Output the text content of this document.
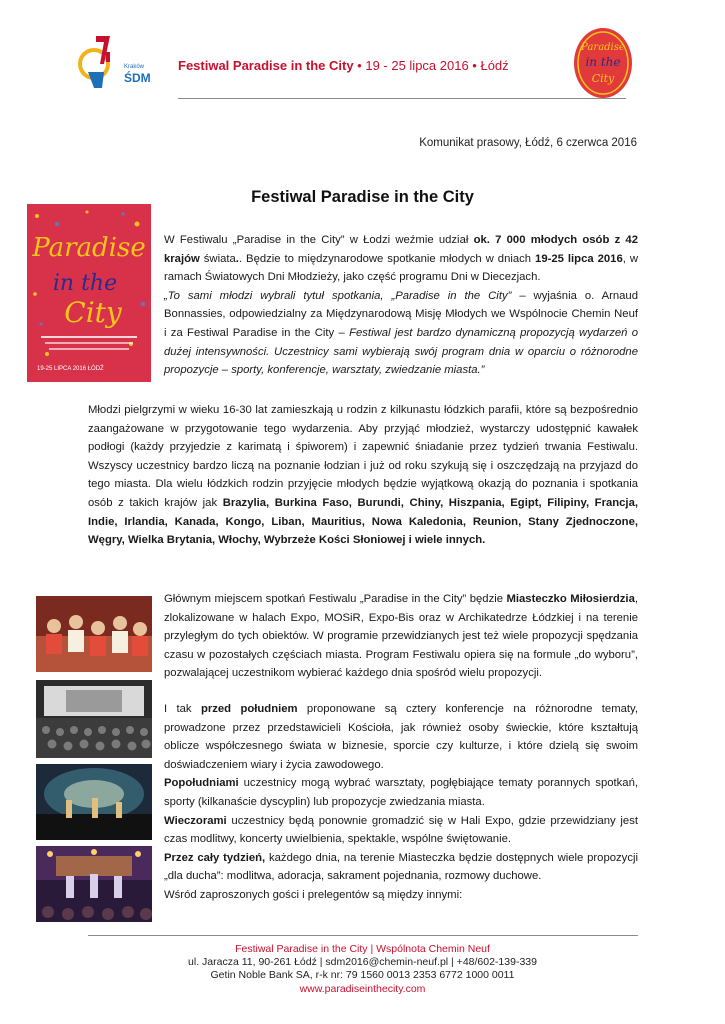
Kraków
ŚDM
Festiwal Paradise in the City • 19 - 25 lipca 2016 • Łódź
Paradise
in the
City
Komunikat prasowy, Łódź, 6 czerwca 2016
Festiwal Paradise in the City
Paradise
in the
City
19-25 LIPCA 2016 ŁÓDŹ

W Festiwalu „Paradise in the City” w Łodzi weźmie udział ok. 7 000 młodych osób z 42 krajów świata.. Będzie to międzynarodowe spotkanie młodych w dniach 19-25 lipca 2016, w ramach Światowych Dni Młodzieży, jako część programu Dni w Diecezjach.
„To sami młodzi wybrali tytuł spotkania, „Paradise in the City” – wyjaśnia o. Arnaud Bonnassies, odpowiedzialny za Międzynarodową Misję Młodych we Wspólnocie Chemin Neuf i za Festiwal Paradise in the City – Festiwal jest bardzo dynamiczną propozycją wydarzeń o dużej intensywności. Uczestnicy sami wybierają swój program dnia w oparciu o różnorodne propozycje – sporty, konferencje, warsztaty, zwiedzanie miasta.”

Młodzi pielgrzymi w wieku 16-30 lat zamieszkają u rodzin z kilkunastu łódzkich parafii, które są bezpośrednio zaangażowane w przygotowanie tego wydarzenia. Aby przyjąć młodzież, wystarczy udostępnić kawałek podłogi (każdy przyjedzie z karimatą i śpiworem) i zapewnić śniadanie przez tydzień trwania Festiwalu. Wszyscy uczestnicy bardzo liczą na poznanie łodzian i już od roku szykują się i oszczędzają na przyjazd do tego miasta. Dla wielu łódzkich rodzin przyjęcie młodych będzie wyjątkową okazją do poznania i spotkania osób z takich krajów jak Brazylia, Burkina Faso, Burundi, Chiny, Hiszpania, Egipt, Filipiny, Francja, Indie, Irlandia, Kanada, Kongo, Liban, Mauritius, Nowa Kaledonia, Reunion, Stany Zjednoczone, Węgry, Wielka Brytania, Włochy, Wybrzeże Kości Słoniowej i wiele innych.

Głównym miejscem spotkań Festiwalu „Paradise in the City” będzie Miasteczko Miłosierdzia, zlokalizowane w halach Expo, MOSiR, Expo-Bis oraz w Archikatedrze Łódzkiej i na terenie przyległym do tych obiektów. W programie przewidzianych jest też wiele propozycji spędzania czasu w pozostałych częściach miasta. Program Festiwalu opiera się na formule „do wyboru”, pozwalającej uczestnikom wybierać każdego dnia spośród wielu propozycji.

I tak przed południem proponowane są cztery konferencje na różnorodne tematy, prowadzone przez przedstawicieli Kościoła, jak również osoby świeckie, które kształtują oblicze współczesnego świata w biznesie, sporcie czy kulturze, i które dzielą się swoim doświadczeniem wiary i życia zawodowego.

Popołudniami uczestnicy mogą wybrać warsztaty, pogłębiające tematy porannych spotkań, sporty (kilkanaście dyscyplin) lub propozycje zwiedzania miasta.

Wieczorami uczestnicy będą ponownie gromadzić się w Hali Expo, gdzie przewidziany jest czas modlitwy, koncerty uwielbienia, spektakle, wspólne świętowanie.

Przez cały tydzień, każdego dnia, na terenie Miasteczka będzie dostępnych wiele propozycji „dla ducha”: modlitwa, adoracja, sakrament pojednania, rozmowy duchowe.

Wśród zaproszonych gości i prelegentów są między innymi:

Festiwal Paradise in the City | Wspólnota Chemin Neuf
ul. Jaracza 11, 90-261 Łódź | sdm2016@chemin-neuf.pl | +48/602-139-339
Getin Noble Bank SA, r-k nr: 79 1560 0013 2353 6772 1000 0011
www.paradiseinthecity.com
